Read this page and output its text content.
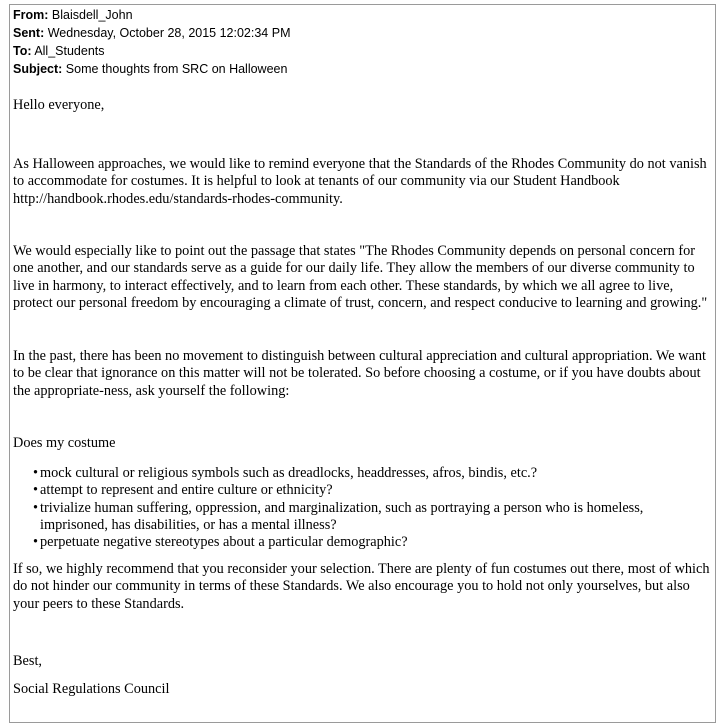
From: Blaisdell_John
Sent: Wednesday, October 28, 2015 12:02:34 PM
To: All_Students
Subject: Some thoughts from SRC on Halloween
Hello everyone,
As Halloween approaches, we would like to remind everyone that the Standards of the Rhodes Community do not vanish
to accommodate for costumes. It is helpful to look at tenants of our community via our Student Handbook
http://handbook.rhodes.edu/standards-rhodes-community.
We would especially like to point out the passage that states "The Rhodes Community depends on personal concern for
one another, and our standards serve as a guide for our daily life. They allow the members of our diverse community to
live in harmony, to interact effectively, and to learn from each other. These standards, by which we all agree to live,
protect our personal freedom by encouraging a climate of trust, concern, and respect conducive to learning and growing."
In the past, there has been no movement to distinguish between cultural appreciation and cultural appropriation. We want
to be clear that ignorance on this matter will not be tolerated. So before choosing a costume, or if you have doubts about
the appropriate-ness, ask yourself the following:
Does my costume
• mock cultural or religious symbols such as dreadlocks, headdresses, afros, bindis, etc.?
• attempt to represent and entire culture or ethnicity?
• trivialize human suffering, oppression, and marginalization, such as portraying a person who is homeless,
imprisoned, has disabilities, or has a mental illness?
• perpetuate negative stereotypes about a particular demographic?
If so, we highly recommend that you reconsider your selection. There are plenty of fun costumes out there, most of which
do not hinder our community in terms of these Standards. We also encourage you to hold not only yourselves, but also
your peers to these Standards.
Best,
Social Regulations Council
